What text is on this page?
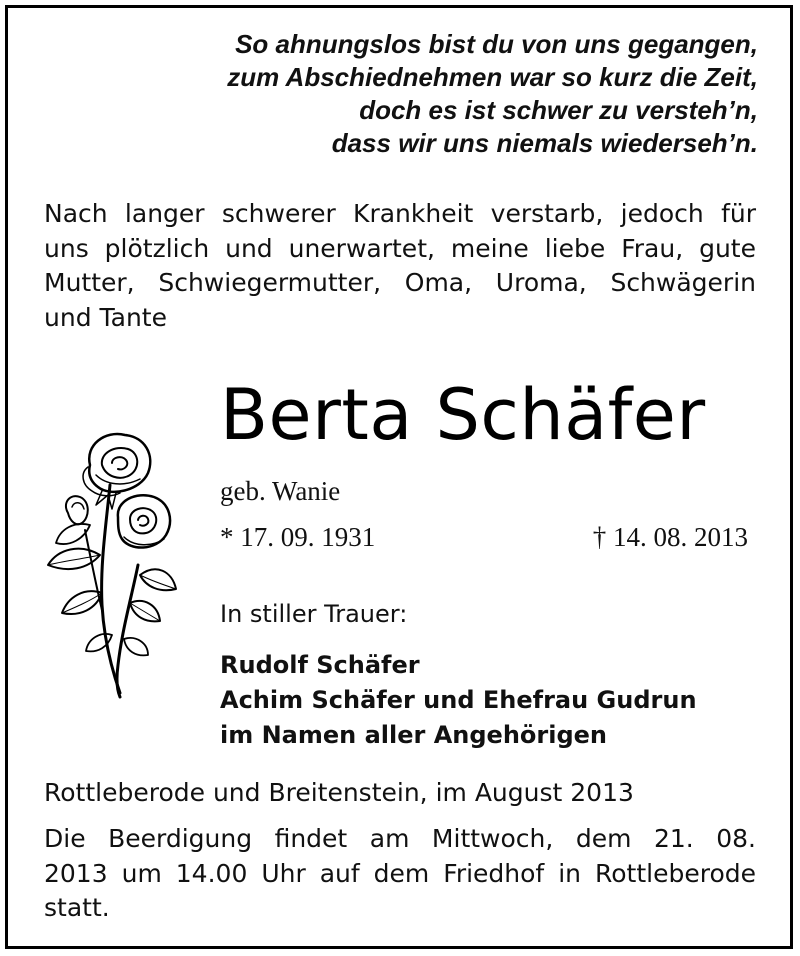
So ahnungslos bist du von uns gegangen,
zum Abschiednehmen war so kurz die Zeit,
doch es ist schwer zu versteh’n,
dass wir uns niemals wiederseh’n.
Nach langer schwerer Krankheit verstarb, jedoch für
uns plötzlich und unerwartet, meine liebe Frau, gute
Mutter, Schwiegermutter, Oma, Uroma, Schwägerin
und Tante
Berta Schäfer
geb. Wanie
* 17. 09. 1931	† 14. 08. 2013
In stiller Trauer:
Rudolf Schäfer
Achim Schäfer und Ehefrau Gudrun
im Namen aller Angehörigen
Rottleberode und Breitenstein, im August 2013
Die Beerdigung findet am Mittwoch, dem 21. 08.
2013 um 14.00 Uhr auf dem Friedhof in Rottleberode
statt.
